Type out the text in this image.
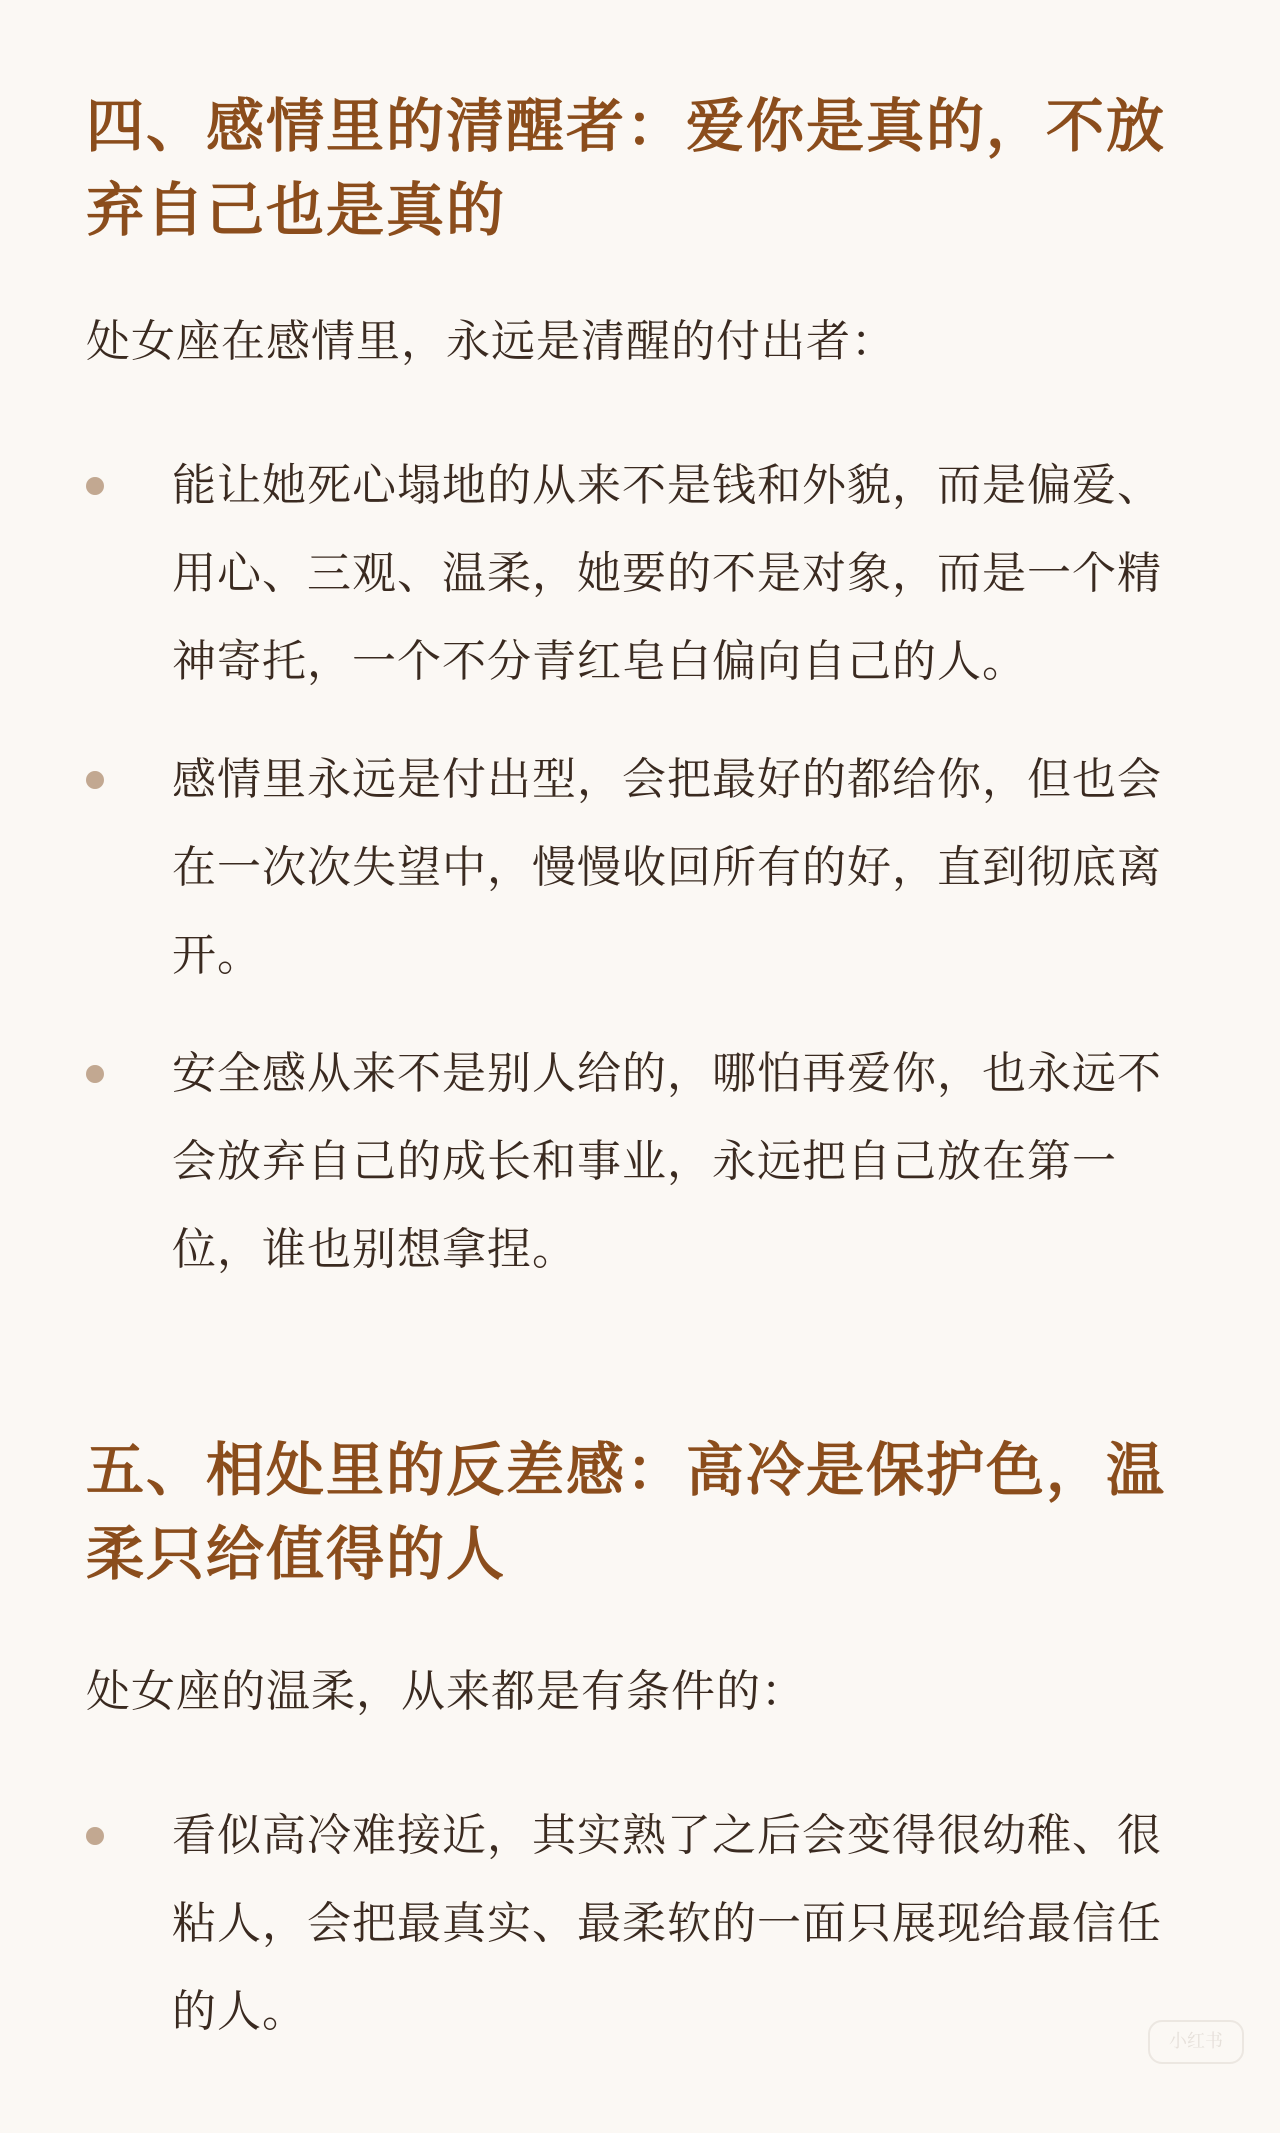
四、感情里的清醒者：爱你是真的，不放弃自己也是真的

处女座在感情里，永远是清醒的付出者：

能让她死心塌地的从来不是钱和外貌，而是偏爱、用心、三观、温柔，她要的不是对象，而是一个精神寄托，一个不分青红皂白偏向自己的人。
感情里永远是付出型，会把最好的都给你，但也会在一次次失望中，慢慢收回所有的好，直到彻底离开。
安全感从来不是别人给的，哪怕再爱你，也永远不会放弃自己的成长和事业，永远把自己放在第一位，谁也别想拿捏。
五、相处里的反差感：高冷是保护色，温柔只给值得的人

处女座的温柔，从来都是有条件的：

看似高冷难接近，其实熟了之后会变得很幼稚、很粘人，会把最真实、最柔软的一面只展现给最信任的人。
小红书
